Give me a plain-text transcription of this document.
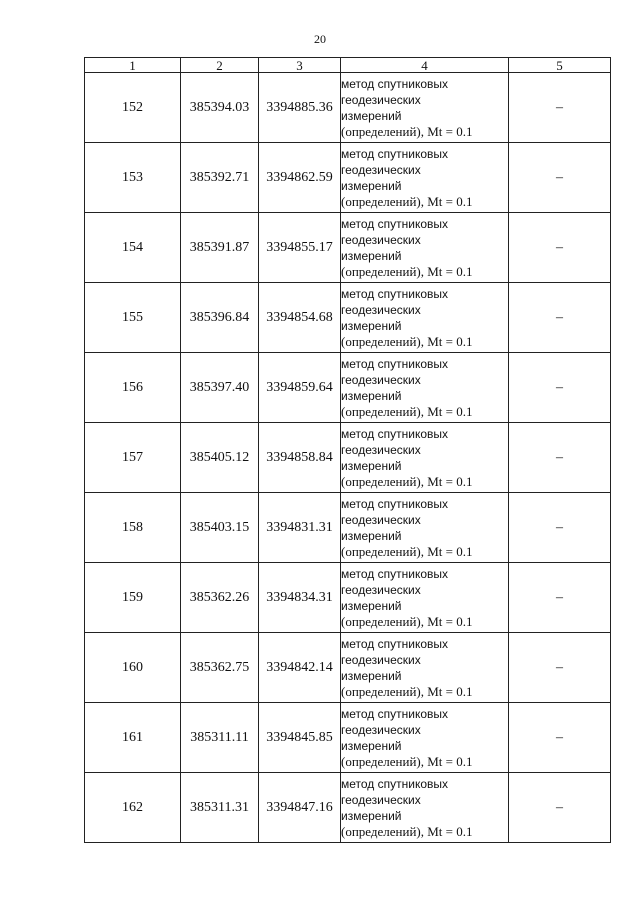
20
1	2	3	4	5
152	385394.03	3394885.36	метод спутниковых
геодезических
измерений
(определений), Mt = 0.1	–
153	385392.71	3394862.59	метод спутниковых
геодезических
измерений
(определений), Mt = 0.1	–
154	385391.87	3394855.17	метод спутниковых
геодезических
измерений
(определений), Mt = 0.1	–
155	385396.84	3394854.68	метод спутниковых
геодезических
измерений
(определений), Mt = 0.1	–
156	385397.40	3394859.64	метод спутниковых
геодезических
измерений
(определений), Mt = 0.1	–
157	385405.12	3394858.84	метод спутниковых
геодезических
измерений
(определений), Mt = 0.1	–
158	385403.15	3394831.31	метод спутниковых
геодезических
измерений
(определений), Mt = 0.1	–
159	385362.26	3394834.31	метод спутниковых
геодезических
измерений
(определений), Mt = 0.1	–
160	385362.75	3394842.14	метод спутниковых
геодезических
измерений
(определений), Mt = 0.1	–
161	385311.11	3394845.85	метод спутниковых
геодезических
измерений
(определений), Mt = 0.1	–
162	385311.31	3394847.16	метод спутниковых
геодезических
измерений
(определений), Mt = 0.1	–
